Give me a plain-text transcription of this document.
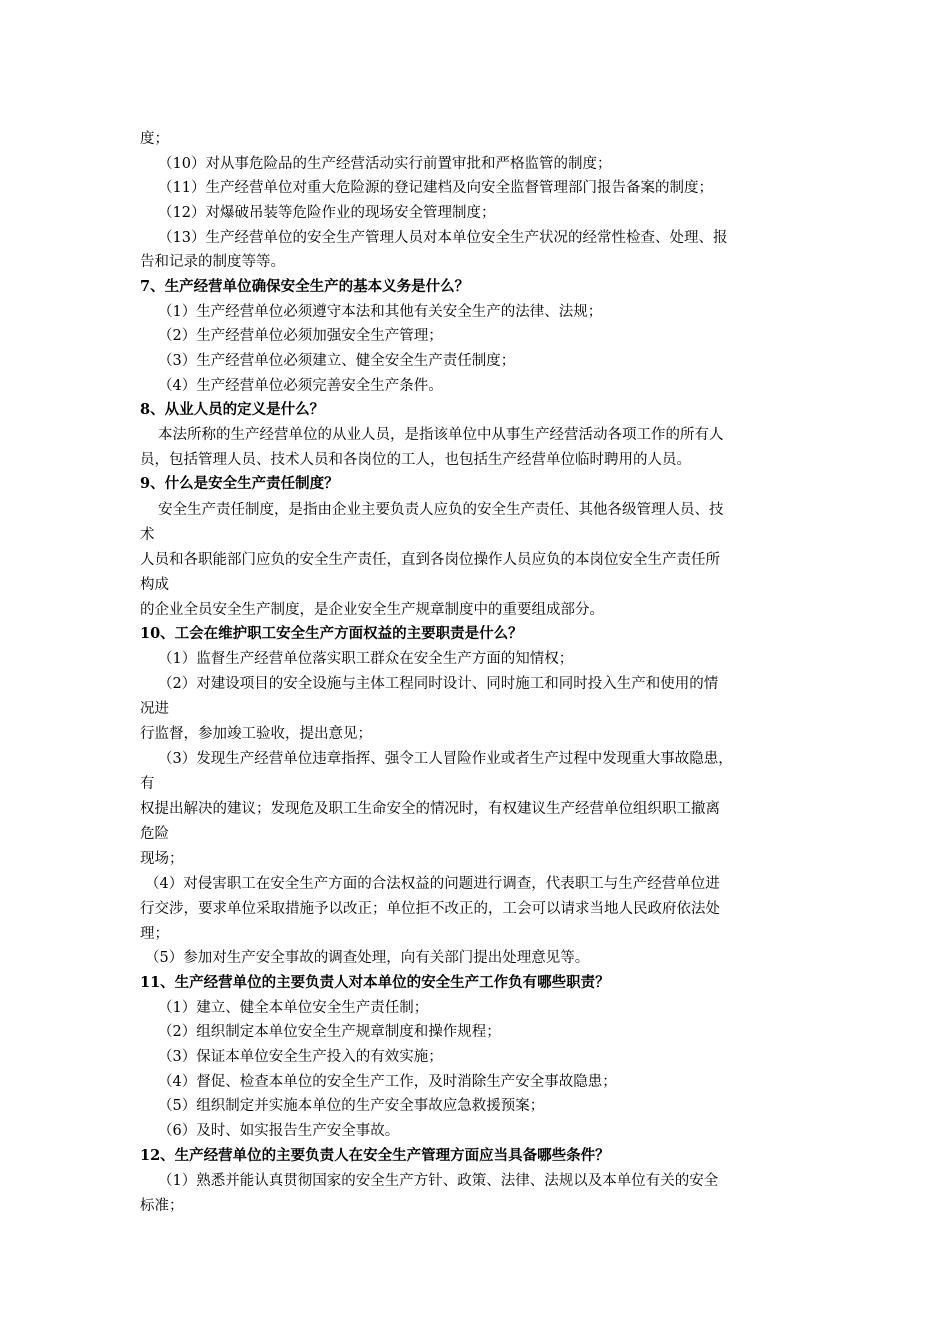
度；
（10）对从事危险品的生产经营活动实行前置审批和严格监管的制度；
（11）生产经营单位对重大危险源的登记建档及向安全监督管理部门报告备案的制度；
（12）对爆破吊装等危险作业的现场安全管理制度；
（13）生产经营单位的安全生产管理人员对本单位安全生产状况的经常性检查、处理、报
告和记录的制度等等。
7、生产经营单位确保安全生产的基本义务是什么？
（1）生产经营单位必须遵守本法和其他有关安全生产的法律、法规；
（2）生产经营单位必须加强安全生产管理；
（3）生产经营单位必须建立、健全安全生产责任制度；
（4）生产经营单位必须完善安全生产条件。
8、从业人员的定义是什么？
本法所称的生产经营单位的从业人员，是指该单位中从事生产经营活动各项工作的所有人
员，包括管理人员、技术人员和各岗位的工人，也包括生产经营单位临时聘用的人员。
9、什么是安全生产责任制度？
安全生产责任制度，是指由企业主要负责人应负的安全生产责任、其他各级管理人员、技
术
人员和各职能部门应负的安全生产责任，直到各岗位操作人员应负的本岗位安全生产责任所
构成
的企业全员安全生产制度，是企业安全生产规章制度中的重要组成部分。
10、工会在维护职工安全生产方面权益的主要职责是什么？
（1）监督生产经营单位落实职工群众在安全生产方面的知情权；
（2）对建设项目的安全设施与主体工程同时设计、同时施工和同时投入生产和使用的情
况进
行监督，参加竣工验收，提出意见；
（3）发现生产经营单位违章指挥、强令工人冒险作业或者生产过程中发现重大事故隐患，
有
权提出解决的建议；发现危及职工生命安全的情况时，有权建议生产经营单位组织职工撤离
危险
现场；
（4）对侵害职工在安全生产方面的合法权益的问题进行调查，代表职工与生产经营单位进
行交涉，要求单位采取措施予以改正；单位拒不改正的，工会可以请求当地人民政府依法处
理；
（5）参加对生产安全事故的调查处理，向有关部门提出处理意见等。
11、生产经营单位的主要负责人对本单位的安全生产工作负有哪些职责？
（1）建立、健全本单位安全生产责任制；
（2）组织制定本单位安全生产规章制度和操作规程；
（3）保证本单位安全生产投入的有效实施；
（4）督促、检查本单位的安全生产工作，及时消除生产安全事故隐患；
（5）组织制定并实施本单位的生产安全事故应急救援预案；
（6）及时、如实报告生产安全事故。
12、生产经营单位的主要负责人在安全生产管理方面应当具备哪些条件？
（1）熟悉并能认真贯彻国家的安全生产方针、政策、法律、法规以及本单位有关的安全
标准；
